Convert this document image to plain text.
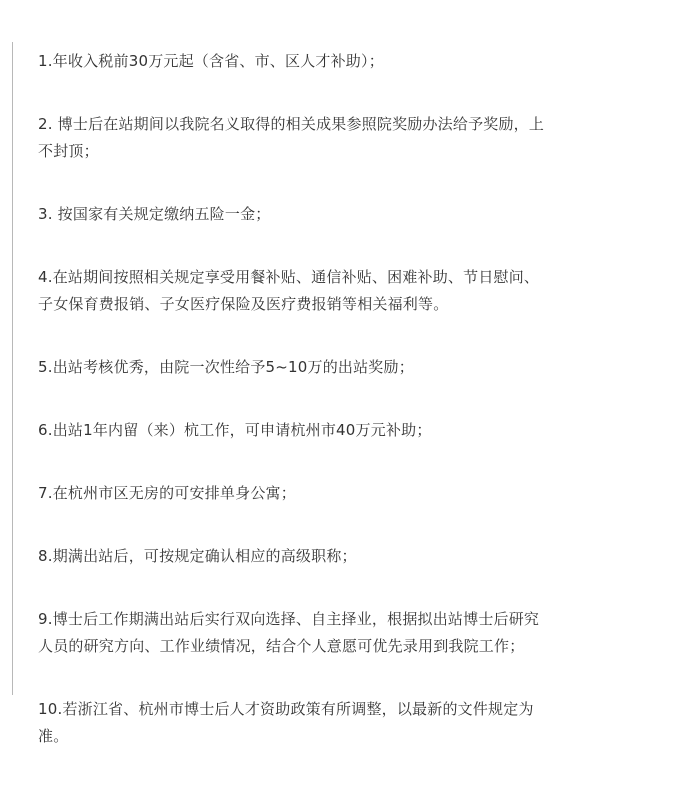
1.年收入税前30万元起（含省、市、区人才补助）；
2. 博士后在站期间以我院名义取得的相关成果参照院奖励办法给予奖励，上
不封顶；
3. 按国家有关规定缴纳五险一金；
4.在站期间按照相关规定享受用餐补贴、通信补贴、困难补助、节日慰问、
子女保育费报销、子女医疗保险及医疗费报销等相关福利等。
5.出站考核优秀，由院一次性给予5~10万的出站奖励；
6.出站1年内留（来）杭工作，可申请杭州市40万元补助；
7.在杭州市区无房的可安排单身公寓；
8.期满出站后，可按规定确认相应的高级职称；
9.博士后工作期满出站后实行双向选择、自主择业，根据拟出站博士后研究
人员的研究方向、工作业绩情况，结合个人意愿可优先录用到我院工作；
10.若浙江省、杭州市博士后人才资助政策有所调整，以最新的文件规定为
准。
